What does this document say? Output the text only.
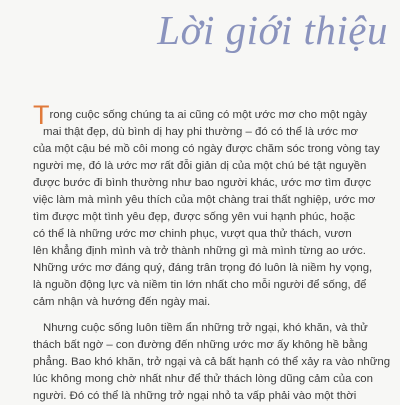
Lời giới thiệu
Trong cuộc sống chúng ta ai cũng có một ước mơ cho một ngày
mai thật đẹp, dù bình dị hay phi thường – đó có thể là ước mơ
của một cậu bé mồ côi mong có ngày được chăm sóc trong vòng tay
người mẹ, đó là ước mơ rất đỗi giản dị của một chú bé tật nguyền
được bước đi bình thường như bao người khác, ước mơ tìm được
việc làm mà mình yêu thích của một chàng trai thất nghiệp, ước mơ
tìm được một tình yêu đẹp, được sống yên vui hạnh phúc, hoặc
có thể là những ước mơ chinh phục, vượt qua thử thách, vươn
lên khẳng định mình và trở thành những gì mà mình từng ao ước.
Những ước mơ đáng quý, đáng trân trọng đó luôn là niềm hy vọng,
là nguồn động lực và niềm tin lớn nhất cho mỗi người để sống, để
cảm nhận và hướng đến ngày mai.
Nhưng cuộc sống luôn tiềm ẩn những trở ngại, khó khăn, và thử
thách bất ngờ – con đường đến những ước mơ ấy không hề bằng
phẳng. Bao khó khăn, trở ngại và cả bất hạnh có thể xảy ra vào những
lúc không mong chờ nhất như để thử thách lòng dũng cảm của con
người. Đó có thể là những trở ngại nhỏ ta vấp phải vào một thời
